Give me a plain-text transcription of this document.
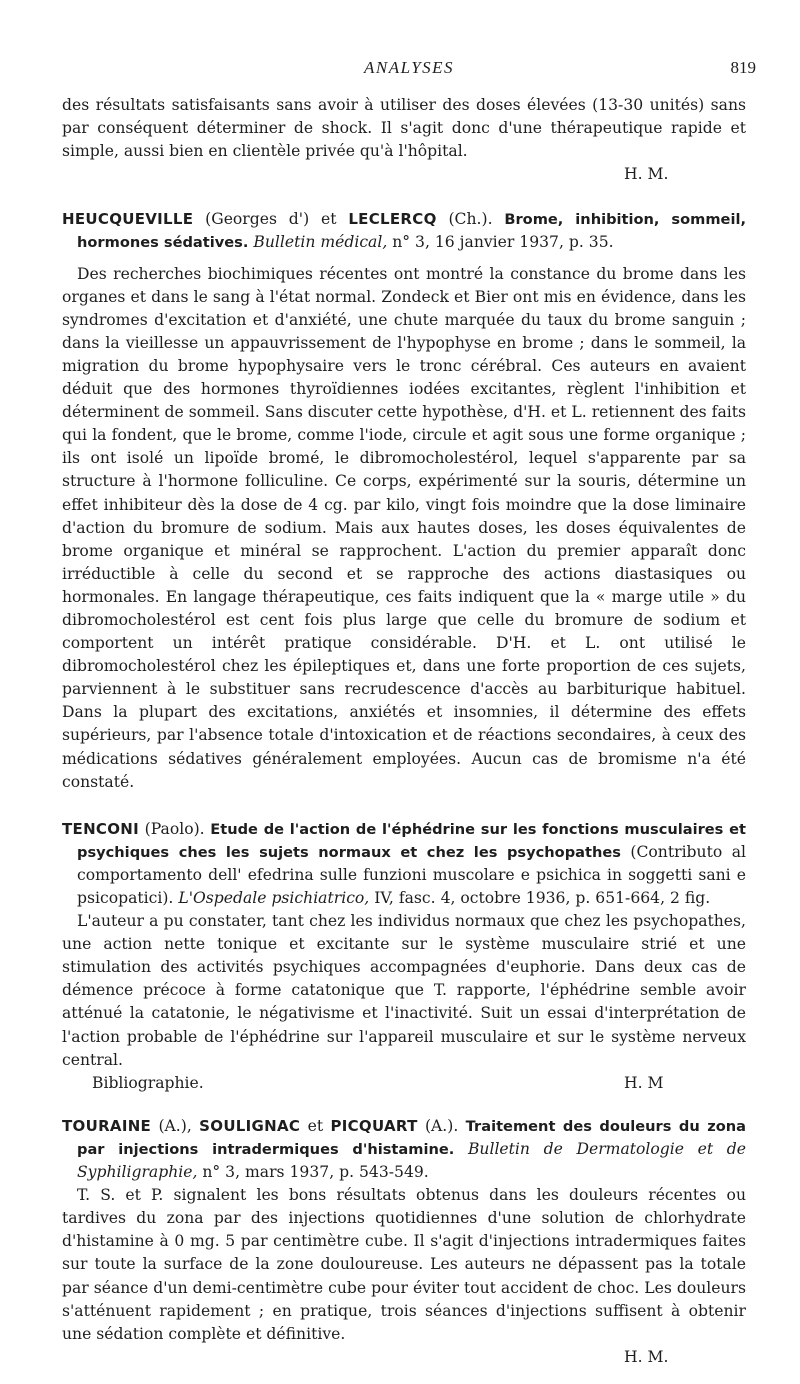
ANALYSES	819

des résultats satisfaisants sans avoir à utiliser des doses élevées (13-30 unités) sans par conséquent déterminer de shock. Il s'agit donc d'une thérapeutique rapide et simple, aussi bien en clientèle privée qu'à l'hôpital.

H. M.

HEUCQUEVILLE (Georges d') et LECLERCQ (Ch.). Brome, inhibition, sommeil, hormones sédatives. Bulletin médical, n° 3, 16 janvier 1937, p. 35.

Des recherches biochimiques récentes ont montré la constance du brome dans les organes et dans le sang à l'état normal. Zondeck et Bier ont mis en évidence, dans les syndromes d'excitation et d'anxiété, une chute marquée du taux du brome sanguin ; dans la vieillesse un appauvrissement de l'hypophyse en brome ; dans le sommeil, la migration du brome hypophysaire vers le tronc cérébral. Ces auteurs en avaient déduit que des hormones thyroïdiennes iodées excitantes, règlent l'inhibition et déterminent de sommeil. Sans discuter cette hypothèse, d'H. et L. retiennent des faits qui la fondent, que le brome, comme l'iode, circule et agit sous une forme organique ; ils ont isolé un lipoïde bromé, le dibromocholestérol, lequel s'apparente par sa structure à l'hormone folliculine. Ce corps, expérimenté sur la souris, détermine un effet inhibiteur dès la dose de 4 cg. par kilo, vingt fois moindre que la dose liminaire d'action du bromure de sodium. Mais aux hautes doses, les doses équivalentes de brome organique et minéral se rapprochent. L'action du premier apparaît donc irréductible à celle du second et se rapproche des actions diastasiques ou hormonales. En langage thérapeutique, ces faits indiquent que la « marge utile » du dibromocholestérol est cent fois plus large que celle du bromure de sodium et comportent un intérêt pratique considérable. D'H. et L. ont utilisé le dibromocholestérol chez les épileptiques et, dans une forte proportion de ces sujets, parviennent à le substituer sans recrudescence d'accès au barbiturique habituel. Dans la plupart des excitations, anxiétés et insomnies, il détermine des effets supérieurs, par l'absence totale d'intoxication et de réactions secondaires, à ceux des médications sédatives généralement employées. Aucun cas de bromisme n'a été constaté.

TENCONI (Paolo). Etude de l'action de l'éphédrine sur les fonctions musculaires et psychiques ches les sujets normaux et chez les psychopathes (Contributo al comportamento dell' efedrina sulle funzioni muscolare e psichica in soggetti sani e psicopatici). L'Ospedale psichiatrico, IV, fasc. 4, octobre 1936, p. 651-664, 2 fig.

L'auteur a pu constater, tant chez les individus normaux que chez les psychopathes, une action nette tonique et excitante sur le système musculaire strié et une stimulation des activités psychiques accompagnées d'euphorie. Dans deux cas de démence précoce à forme catatonique que T. rapporte, l'éphédrine semble avoir atténué la catatonie, le négativisme et l'inactivité. Suit un essai d'interprétation de l'action probable de l'éphédrine sur l'appareil musculaire et sur le système nerveux central.

Bibliographie.	H. M

TOURAINE (A.), SOULIGNAC et PICQUART (A.). Traitement des douleurs du zona par injections intradermiques d'histamine. Bulletin de Dermatologie et de Syphiligraphie, n° 3, mars 1937, p. 543-549.

T. S. et P. signalent les bons résultats obtenus dans les douleurs récentes ou tardives du zona par des injections quotidiennes d'une solution de chlorhydrate d'histamine à 0 mg. 5 par centimètre cube. Il s'agit d'injections intradermiques faites sur toute la surface de la zone douloureuse. Les auteurs ne dépassent pas la totale par séance d'un demi-centimètre cube pour éviter tout accident de choc. Les douleurs s'atténuent rapidement ; en pratique, trois séances d'injections suffisent à obtenir une sédation complète et définitive.

H. M.
